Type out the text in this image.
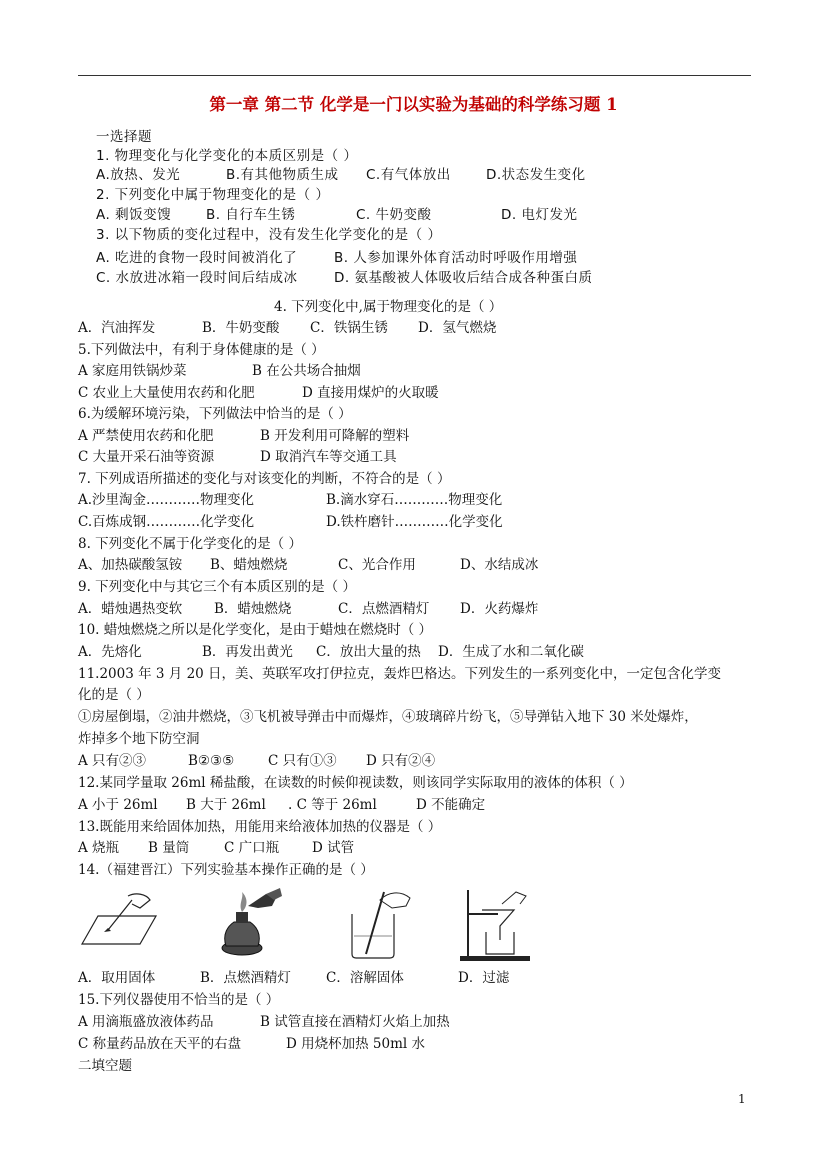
第一章 第二节 化学是一门以实验为基础的科学练习题 1
一选择题
1. 物理变化与化学变化的本质区别是（ ）
A.放热、发光	B.有其他物质生成 C.有气体放出	D.状态发生变化
2. 下列变化中属于物理变化的是（ ）
A. 剩饭变馊	B. 自行车生锈	C. 牛奶变酸	D. 电灯发光
3. 以下物质的变化过程中，没有发生化学变化的是（ ）
A. 吃进的食物一段时间被消化了	B. 人参加课外体育活动时呼吸作用增强
C. 水放进冰箱一段时间后结成冰	D. 氨基酸被人体吸收后结合成各种蛋白质
4. 下列变化中,属于物理变化的是（ ）
A．汽油挥发	B．牛奶变酸 C．铁锅生锈 D．氢气燃烧
5.下列做法中，有利于身体健康的是（ ）
A 家庭用铁锅炒菜	B 在公共场合抽烟
C 农业上大量使用农药和化肥	D 直接用煤炉的火取暖
6.为缓解环境污染，下列做法中恰当的是（ ）
A 严禁使用农药和化肥	B 开发利用可降解的塑料
C 大量开采石油等资源	D 取消汽车等交通工具
7. 下列成语所描述的变化与对该变化的判断，不符合的是（ ）
A.沙里淘金…………物理变化	B.滴水穿石…………物理变化
C.百炼成钢…………化学变化	D.铁杵磨针…………化学变化
8. 下列变化不属于化学变化的是（ ）
A、加热碳酸氢铵 B、蜡烛燃烧	C、光合作用	D、水结成冰
9. 下列变化中与其它三个有本质区别的是（ ）
A．蜡烛遇热变软 B．蜡烛燃烧	C．点燃酒精灯 D．火药爆炸
10. 蜡烛燃烧之所以是化学变化，是由于蜡烛在燃烧时（ ）
A．先熔化	B．再发出黄光 C．放出大量的热 D．生成了水和二氧化碳
11.2003 年 3 月 20 日，美、英联军攻打伊拉克，轰炸巴格达。下列发生的一系列变化中，一定包含化学变
化的是（ ）
①房屋倒塌，②油井燃烧，③飞机被导弹击中而爆炸，④玻璃碎片纷飞，⑤导弹钻入地下 30 米处爆炸，
炸掉多个地下防空洞
A 只有②③	B②③⑤	C 只有①③ D 只有②④
12.某同学量取 26ml 稀盐酸，在读数的时候仰视读数，则该同学实际取用的液体的体积（ ）
A 小于 26ml B 大于 26ml . C 等于 26ml	D 不能确定
13.既能用来给固体加热，用能用来给液体加热的仪器是（ ）
A 烧瓶 B 量筒	C 广口瓶 D 试管
14.（福建晋江）下列实验基本操作正确的是（ ）
A．取用固体	B．点燃酒精灯	C．溶解固体	D．过滤
15.下列仪器使用不恰当的是（ ）
A 用滴瓶盛放液体药品	B 试管直接在酒精灯火焰上加热
C 称量药品放在天平的右盘	D 用烧杯加热 50ml 水
二填空题
1
